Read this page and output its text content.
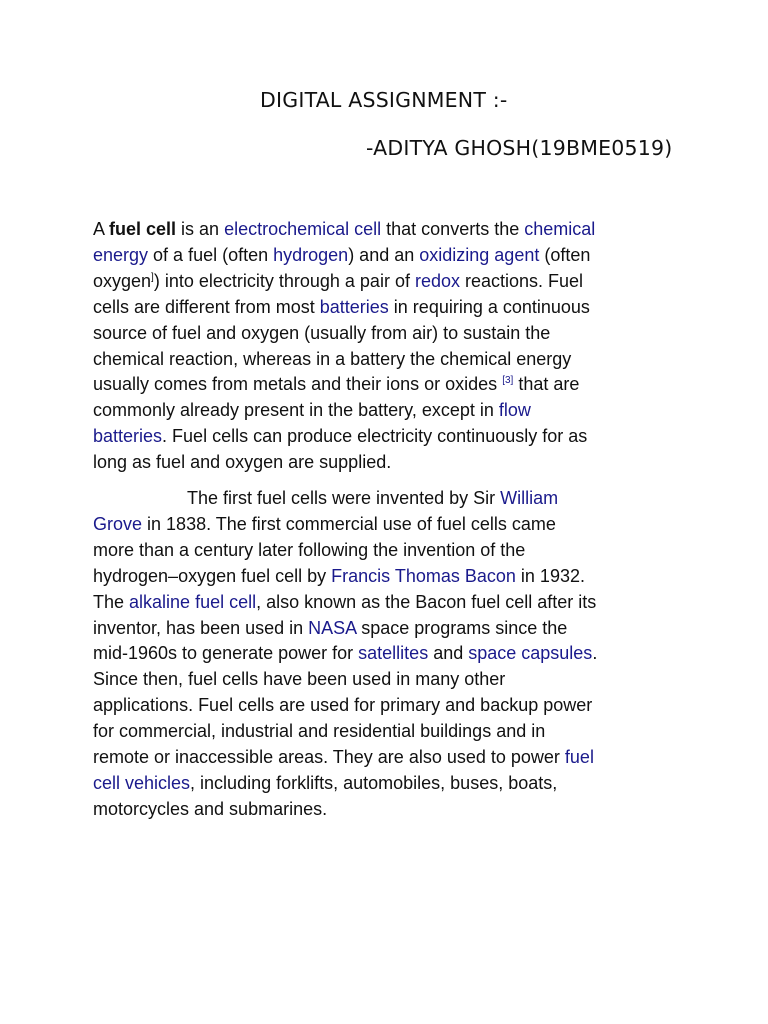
DIGITAL ASSIGNMENT :-
-ADITYA GHOSH(19BME0519)
A fuel cell is an electrochemical cell that converts the chemical
energy of a fuel (often hydrogen) and an oxidizing agent (often
oxygen]) into electricity through a pair of redox reactions. Fuel
cells are different from most batteries in requiring a continuous
source of fuel and oxygen (usually from air) to sustain the
chemical reaction, whereas in a battery the chemical energy
usually comes from metals and their ions or oxides [3] that are
commonly already present in the battery, except in flow
batteries. Fuel cells can produce electricity continuously for as
long as fuel and oxygen are supplied.
The first fuel cells were invented by Sir William
Grove in 1838. The first commercial use of fuel cells came
more than a century later following the invention of the
hydrogen–oxygen fuel cell by Francis Thomas Bacon in 1932.
The alkaline fuel cell, also known as the Bacon fuel cell after its
inventor, has been used in NASA space programs since the
mid-1960s to generate power for satellites and space capsules.
Since then, fuel cells have been used in many other
applications. Fuel cells are used for primary and backup power
for commercial, industrial and residential buildings and in
remote or inaccessible areas. They are also used to power fuel
cell vehicles, including forklifts, automobiles, buses, boats,
motorcycles and submarines.
